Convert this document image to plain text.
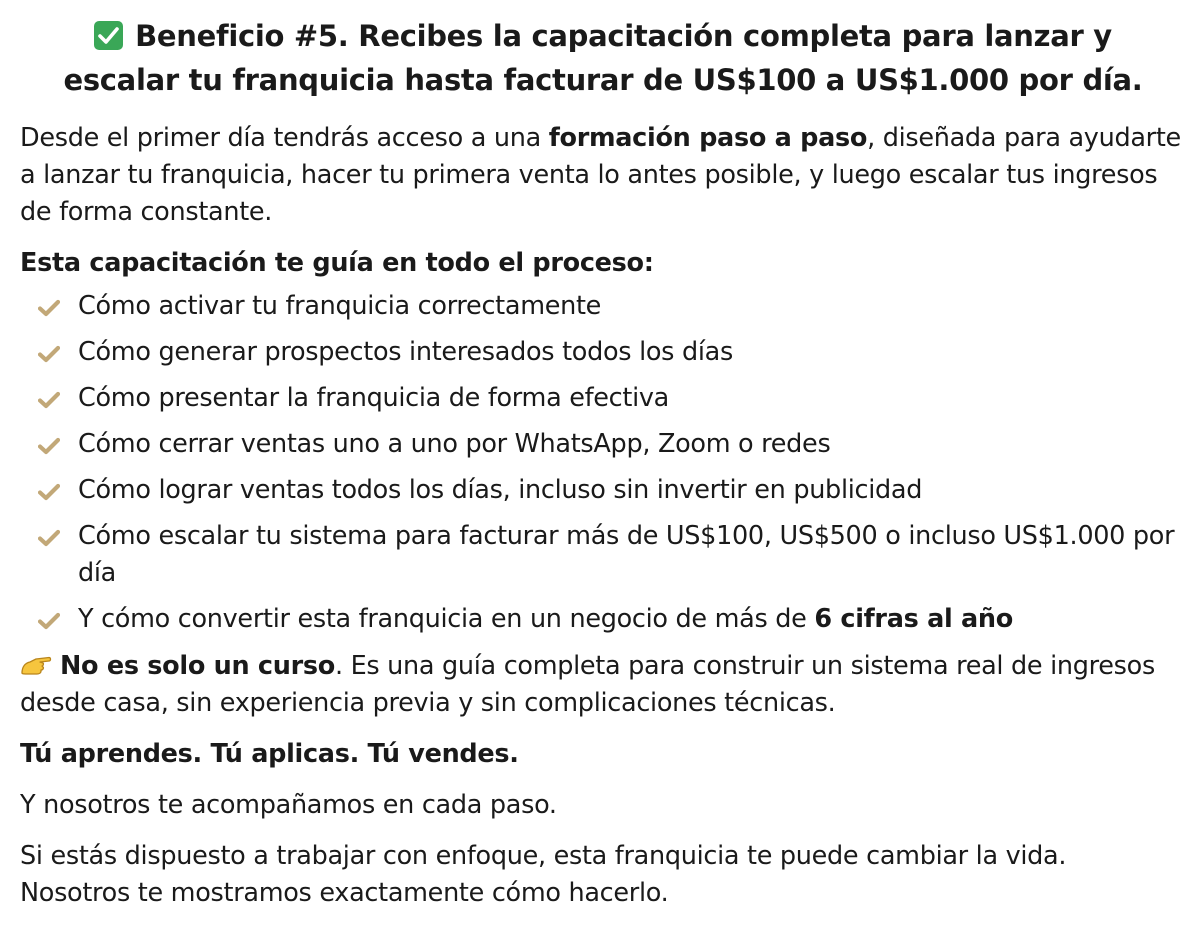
Beneficio #5. Recibes la capacitación completa para lanzar y
escalar tu franquicia hasta facturar de US$100 a US$1.000 por día.

Desde el primer día tendrás acceso a una formación paso a paso, diseñada para ayudarte a lanzar tu franquicia, hacer tu primera venta lo antes posible, y luego escalar tus ingresos de forma constante.

Esta capacitación te guía en todo el proceso:
Cómo activar tu franquicia correctamente
Cómo generar prospectos interesados todos los días
Cómo presentar la franquicia de forma efectiva
Cómo cerrar ventas uno a uno por WhatsApp, Zoom o redes
Cómo lograr ventas todos los días, incluso sin invertir en publicidad
Cómo escalar tu sistema para facturar más de US$100, US$500 o incluso US$1.000 por día
Y cómo convertir esta franquicia en un negocio de más de 6 cifras al año

No es solo un curso. Es una guía completa para construir un sistema real de ingresos desde casa, sin experiencia previa y sin complicaciones técnicas.

Tú aprendes. Tú aplicas. Tú vendes.

Y nosotros te acompañamos en cada paso.

Si estás dispuesto a trabajar con enfoque, esta franquicia te puede cambiar la vida.
Nosotros te mostramos exactamente cómo hacerlo.
